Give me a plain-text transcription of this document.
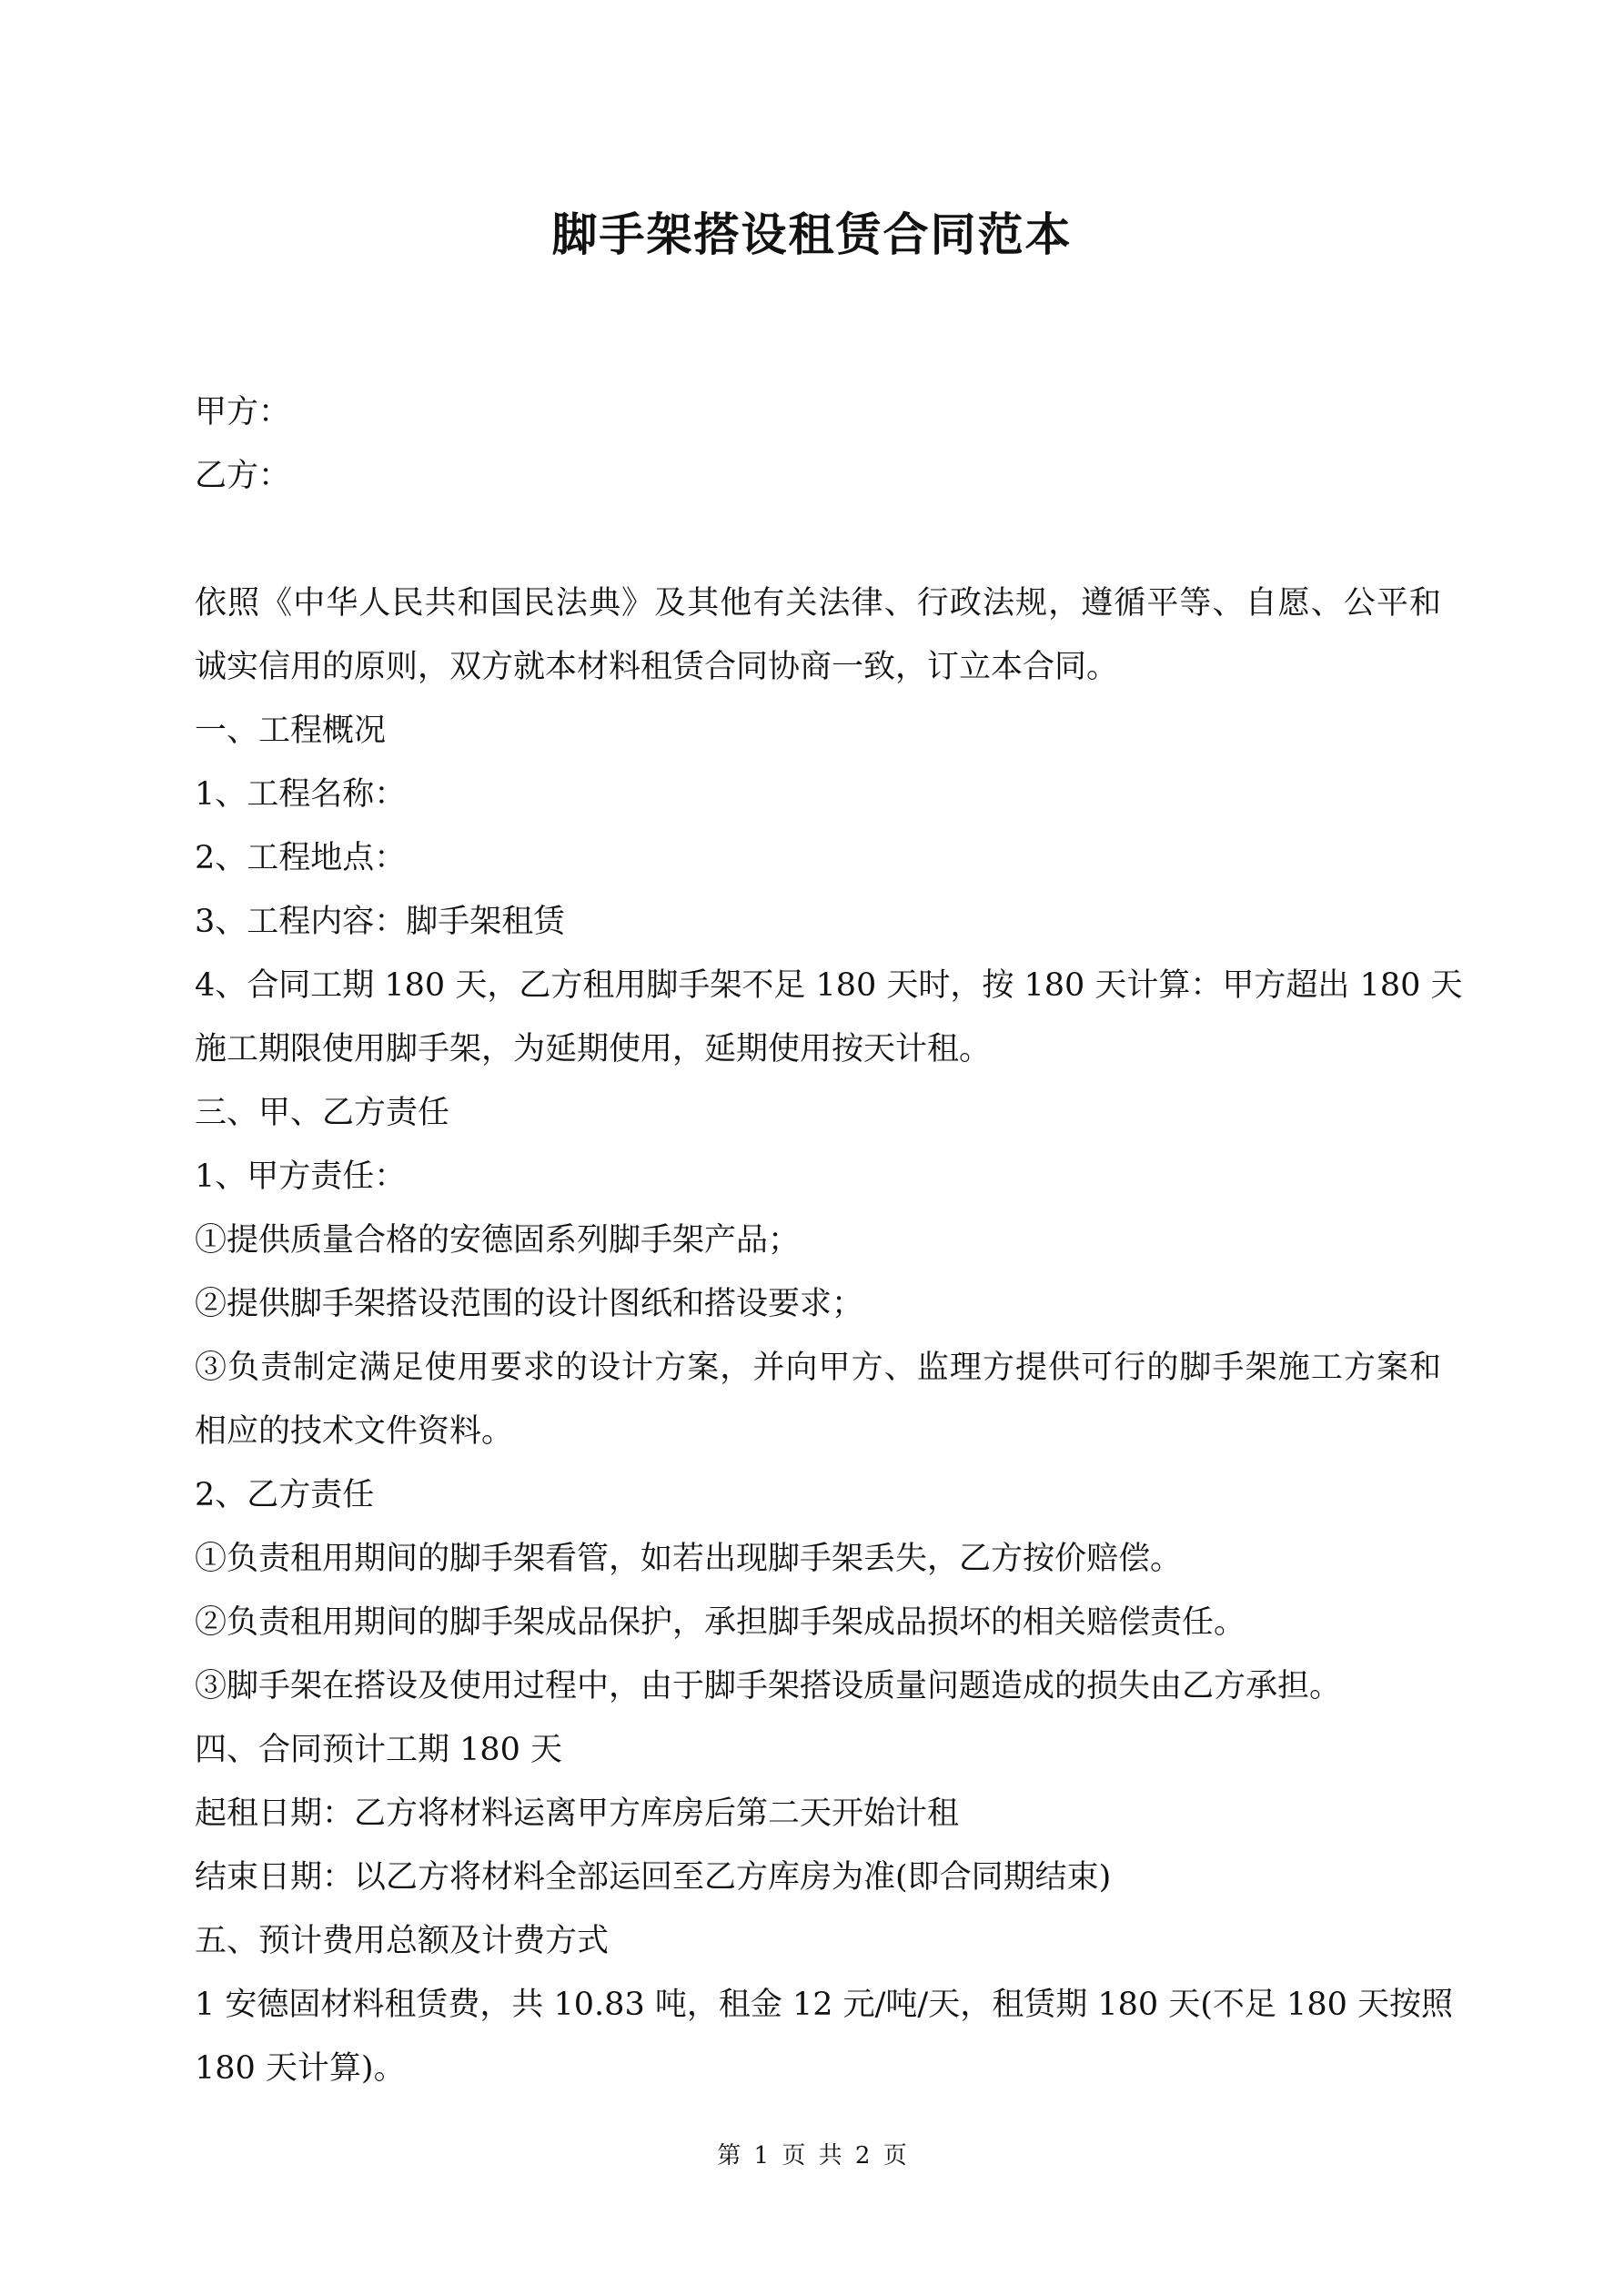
脚手架搭设租赁合同范本

甲方：

乙方：

依照《中华人民共和国民法典》及其他有关法律、行政法规，遵循平等、自愿、公平和

诚实信用的原则，双方就本材料租赁合同协商一致，订立本合同。

一、工程概况

1、工程名称：

2、工程地点：

3、工程内容：脚手架租赁

4、合同工期 180 天，乙方租用脚手架不足 180 天时，按 180 天计算：甲方超出 180 天

施工期限使用脚手架，为延期使用，延期使用按天计租。

三、甲、乙方责任

1、甲方责任：

①提供质量合格的安德固系列脚手架产品；

②提供脚手架搭设范围的设计图纸和搭设要求；

③负责制定满足使用要求的设计方案，并向甲方、监理方提供可行的脚手架施工方案和

相应的技术文件资料。

2、乙方责任

①负责租用期间的脚手架看管，如若出现脚手架丢失，乙方按价赔偿。

②负责租用期间的脚手架成品保护，承担脚手架成品损坏的相关赔偿责任。

③脚手架在搭设及使用过程中，由于脚手架搭设质量问题造成的损失由乙方承担。

四、合同预计工期 180 天

起租日期：乙方将材料运离甲方库房后第二天开始计租

结束日期：以乙方将材料全部运回至乙方库房为准(即合同期结束)

五、预计费用总额及计费方式

1 安德固材料租赁费，共 10.83 吨，租金 12 元/吨/天，租赁期 180 天(不足 180 天按照

180 天计算)。

第 1 页 共 2 页
